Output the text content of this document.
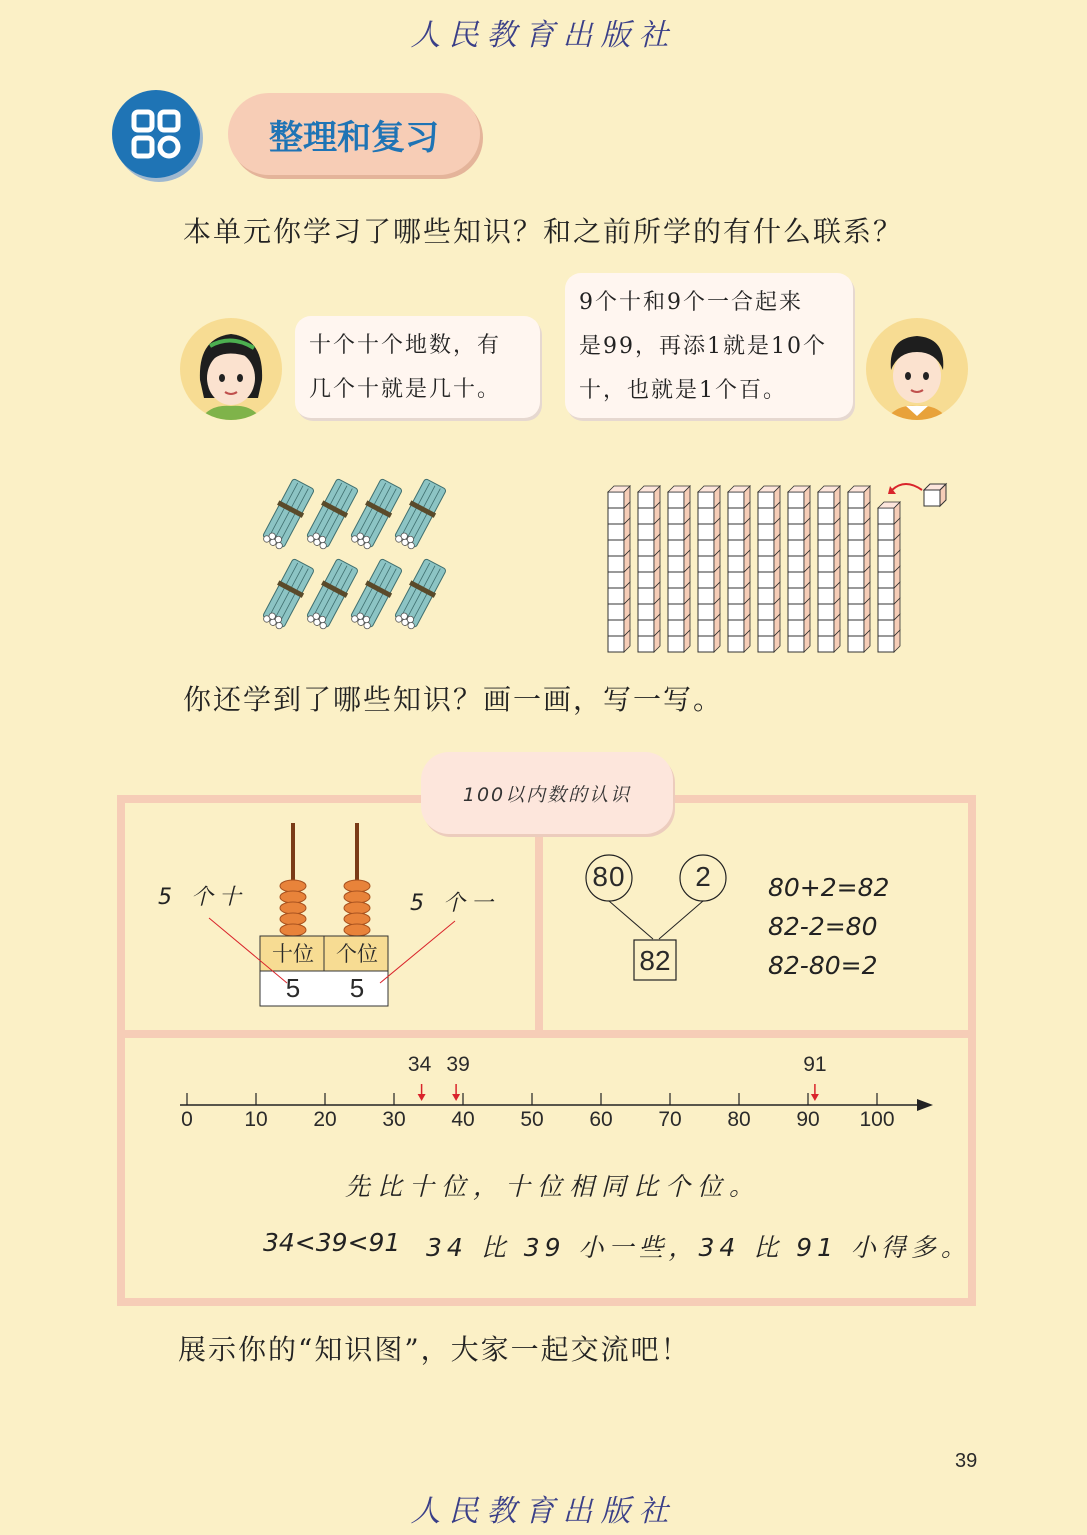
人民教育出版社
整理和复习
本单元你学习了哪些知识？和之前所学的有什么联系？
十个十个地数，有
几个十就是几十。
9个十和9个一合起来
是99，再添1就是10个
十，也就是1个百。
你还学到了哪些知识？画一画，写一写。
100以内数的认识
5 个十	5 个一
十位	个位
5	5
80	2
82
80+2=82
82-2=80
82-80=2
0	10	20	30	40	50	60	70	80	90	100
34 39	91
先比十位，十位相同比个位。
34<39<91 34 比 39 小一些，34 比 91 小得多。
展示你的“知识图”，大家一起交流吧！
39
人民教育出版社
